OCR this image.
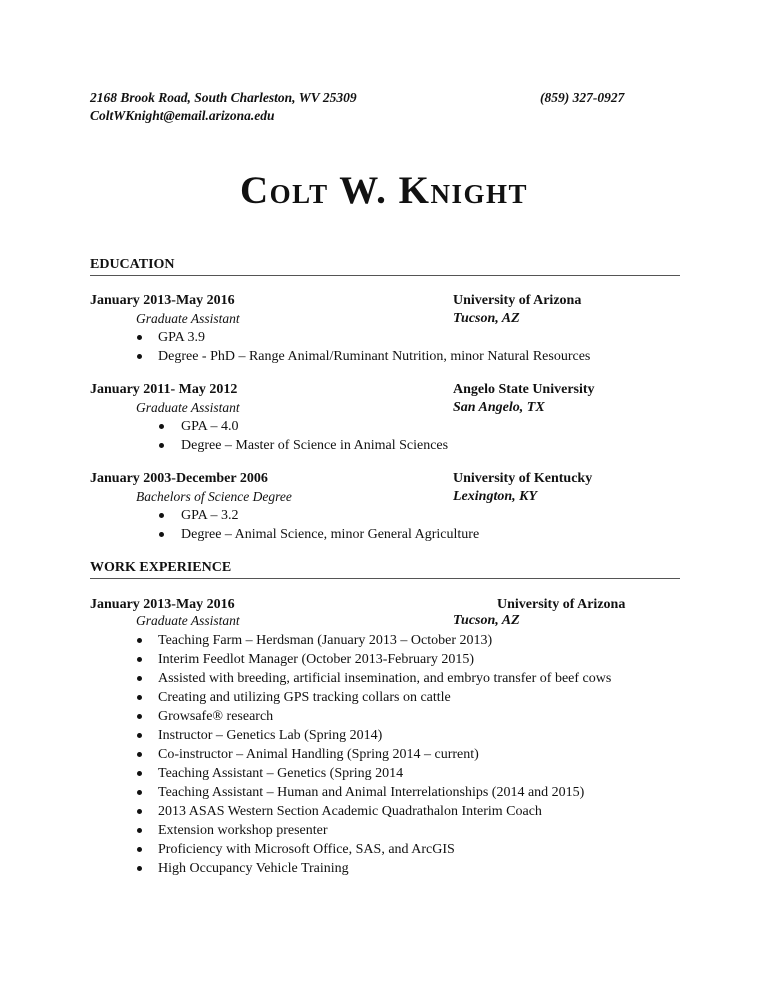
2168 Brook Road, South Charleston, WV 25309	(859) 327-0927
ColtWKnight@email.arizona.edu
Colt W. Knight
EDUCATION
January 2013-May 2016	University of Arizona
Graduate Assistant	Tucson, AZ
GPA 3.9
Degree - PhD – Range Animal/Ruminant Nutrition, minor Natural Resources
January 2011- May 2012	Angelo State University
Graduate Assistant	San Angelo, TX
GPA – 4.0
Degree – Master of Science in Animal Sciences
January 2003-December 2006	University of Kentucky
Bachelors of Science Degree	Lexington, KY
GPA – 3.2
Degree – Animal Science, minor General Agriculture
WORK EXPERIENCE
January 2013-May 2016	University of Arizona
Graduate Assistant	Tucson, AZ
Teaching Farm – Herdsman (January 2013 – October 2013)
Interim Feedlot Manager (October 2013-February 2015)
Assisted with breeding, artificial insemination, and embryo transfer of beef cows
Creating and utilizing GPS tracking collars on cattle
Growsafe® research
Instructor – Genetics Lab (Spring 2014)
Co-instructor – Animal Handling (Spring 2014 – current)
Teaching Assistant – Genetics (Spring 2014
Teaching Assistant – Human and Animal Interrelationships (2014 and 2015)
2013 ASAS Western Section Academic Quadrathalon Interim Coach
Extension workshop presenter
Proficiency with Microsoft Office, SAS, and ArcGIS
High Occupancy Vehicle Training
